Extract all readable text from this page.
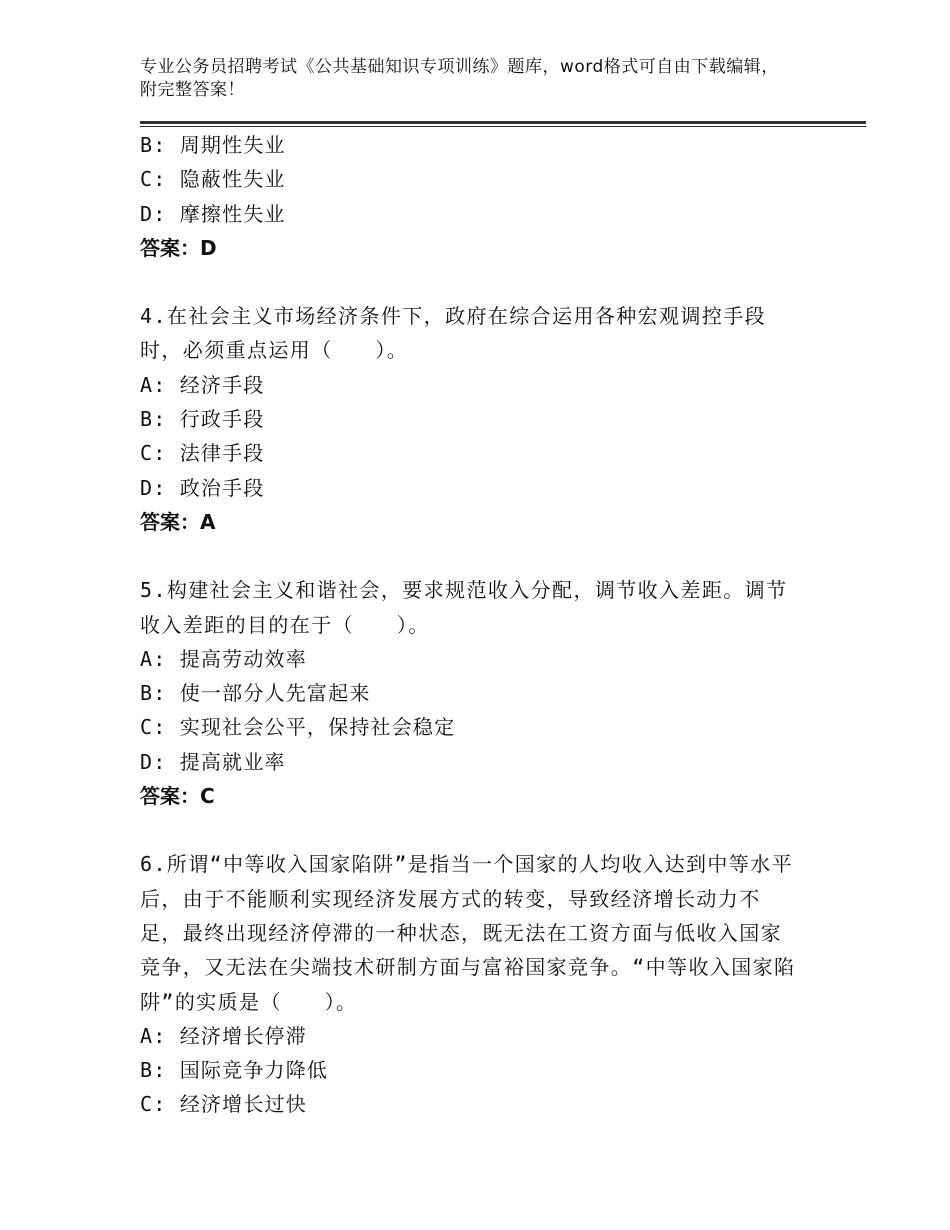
专业公务员招聘考试《公共基础知识专项训练》题库，word格式可自由下载编辑，附完整答案！
B: 周期性失业
C: 隐蔽性失业
D: 摩擦性失业
答案：D
4.在社会主义市场经济条件下，政府在综合运用各种宏观调控手段时，必须重点运用（　　）。
A: 经济手段
B: 行政手段
C: 法律手段
D: 政治手段
答案：A
5.构建社会主义和谐社会，要求规范收入分配，调节收入差距。调节收入差距的目的在于（　　）。
A: 提高劳动效率
B: 使一部分人先富起来
C: 实现社会公平，保持社会稳定
D: 提高就业率
答案：C
6.所谓“中等收入国家陷阱”是指当一个国家的人均收入达到中等水平后，由于不能顺利实现经济发展方式的转变，导致经济增长动力不足，最终出现经济停滞的一种状态，既无法在工资方面与低收入国家竞争，又无法在尖端技术研制方面与富裕国家竞争。“中等收入国家陷阱”的实质是（　　）。
A: 经济增长停滞
B: 国际竞争力降低
C: 经济增长过快
